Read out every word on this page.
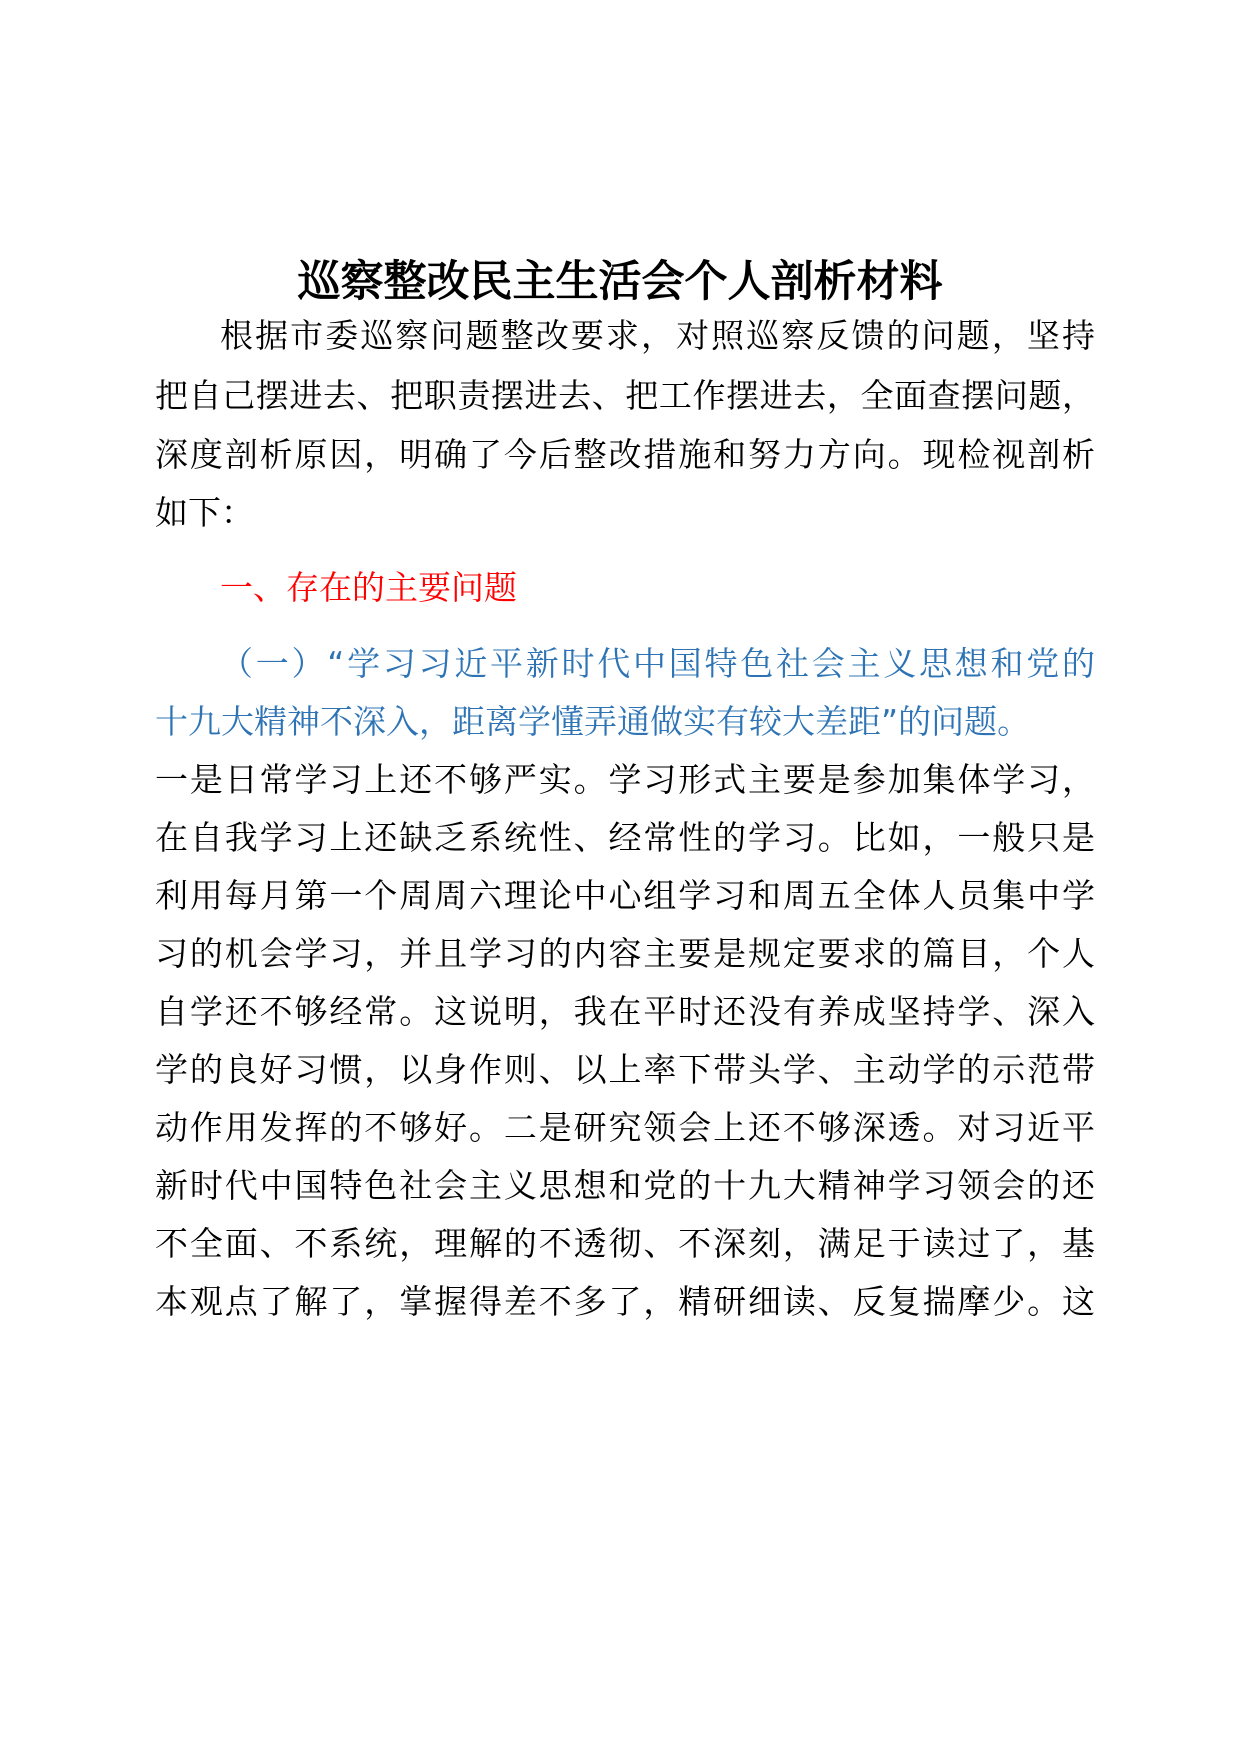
巡察整改民主生活会个人剖析材料
根据市委巡察问题整改要求，对照巡察反馈的问题，坚持
把自己摆进去、把职责摆进去、把工作摆进去，全面查摆问题，
深度剖析原因，明确了今后整改措施和努力方向。现检视剖析
如下：
一、存在的主要问题
（一）“学习习近平新时代中国特色社会主义思想和党的
十九大精神不深入，距离学懂弄通做实有较大差距”的问题。
一是日常学习上还不够严实。学习形式主要是参加集体学习，
在自我学习上还缺乏系统性、经常性的学习。比如，一般只是
利用每月第一个周周六理论中心组学习和周五全体人员集中学
习的机会学习，并且学习的内容主要是规定要求的篇目，个人
自学还不够经常。这说明，我在平时还没有养成坚持学、深入
学的良好习惯，以身作则、以上率下带头学、主动学的示范带
动作用发挥的不够好。二是研究领会上还不够深透。对习近平
新时代中国特色社会主义思想和党的十九大精神学习领会的还
不全面、不系统，理解的不透彻、不深刻，满足于读过了，基
本观点了解了，掌握得差不多了，精研细读、反复揣摩少。这
